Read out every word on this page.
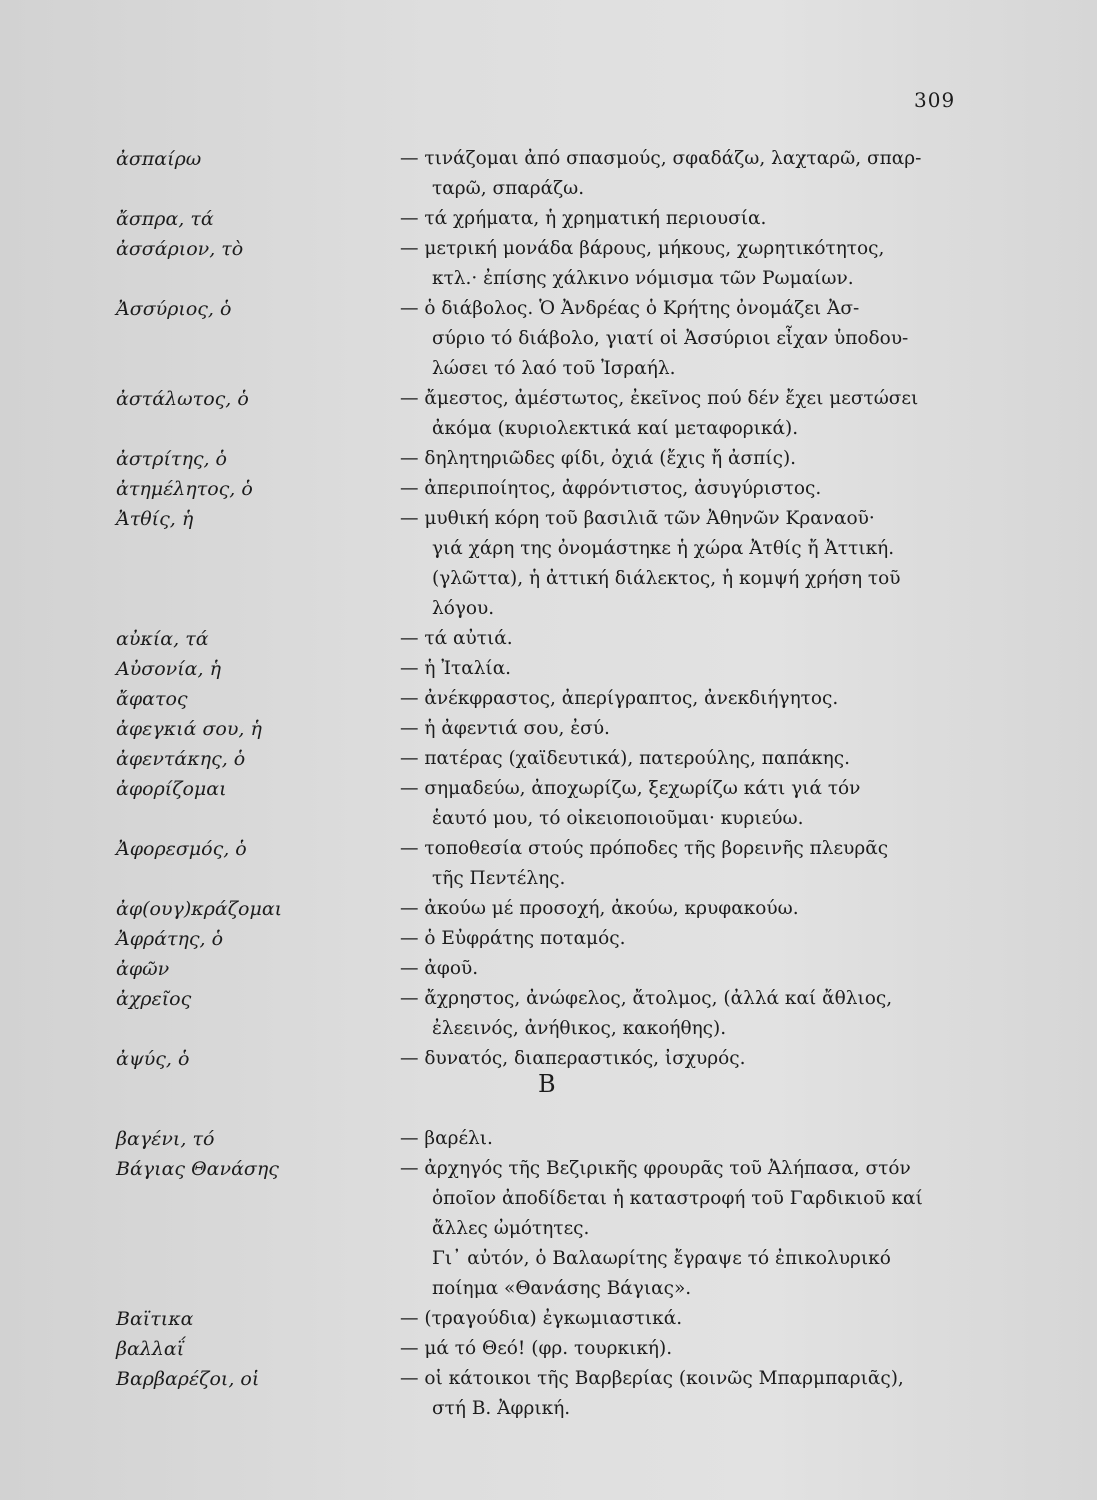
309
B
ἀσπαίρω	— τινάζομαι ἀπό σπασμούς, σφαδάζω, λαχταρῶ, σπαρ-
ταρῶ, σπαράζω.
ἄσπρα, τά	— τά χρήματα, ἡ χρηματική περιουσία.
ἀσσάριον, τὸ	— μετρική μονάδα βάρους, μήκους, χωρητικότητος,
κτλ.· ἐπίσης χάλκινο νόμισμα τῶν Ρωμαίων.
Ἀσσύριος, ὁ	— ὁ διάβολος. Ὁ Ἀνδρέας ὁ Κρήτης ὀνομάζει Ἀσ-
σύριο τό διάβολο, γιατί οἱ Ἀσσύριοι εἶχαν ὑποδου-
λώσει τό λαό τοῦ Ἰσραήλ.
ἀστάλωτος, ὁ	— ἄμεστος, ἀμέστωτος, ἐκεῖνος πού δέν ἔχει μεστώσει
ἀκόμα (κυριολεκτικά καί μεταφορικά).
ἀστρίτης, ὁ	— δηλητηριῶδες φίδι, ὀχιά (ἔχις ἤ ἀσπίς).
ἀτημέλητος, ὁ	— ἀπεριποίητος, ἀφρόντιστος, ἀσυγύριστος.
Ἀτθίς, ἡ	— μυθική κόρη τοῦ βασιλιᾶ τῶν Ἀθηνῶν Κραναοῦ·
γιά χάρη της ὀνομάστηκε ἡ χώρα Ἀτθίς ἤ Ἀττική.
(γλῶττα), ἡ ἀττική διάλεκτος, ἡ κομψή χρήση τοῦ
λόγου.
αὐκία, τά	— τά αὐτιά.
Αὐσονία, ἡ	— ἡ Ἰταλία.
ἄφατος	— ἀνέκφραστος, ἀπερίγραπτος, ἀνεκδιήγητος.
ἀφεγκιά σου, ἡ	— ἡ ἀφεντιά σου, ἐσύ.
ἀφεντάκης, ὁ	— πατέρας (χαϊδευτικά), πατερούλης, παπάκης.
ἀφορίζομαι	— σημαδεύω, ἀποχωρίζω, ξεχωρίζω κάτι γιά τόν
ἑαυτό μου, τό οἰκειοποιοῦμαι· κυριεύω.
Ἀφορεσμός, ὁ	— τοποθεσία στούς πρόποδες τῆς βορεινῆς πλευρᾶς
τῆς Πεντέλης.
ἀφ(ουγ)κράζομαι	— ἀκούω μέ προσοχή, ἀκούω, κρυφακούω.
Ἀφράτης, ὁ	— ὁ Εὐφράτης ποταμός.
ἀφῶν	— ἀφοῦ.
ἀχρεῖος	— ἄχρηστος, ἀνώφελος, ἄτολμος, (ἀλλά καί ἄθλιος,
ἐλεεινός, ἀνήθικος, κακοήθης).
ἀψύς, ὁ	— δυνατός, διαπεραστικός, ἰσχυρός.
βαγένι, τό	— βαρέλι.
Βάγιας Θανάσης	— ἀρχηγός τῆς Βεζιρικῆς φρουρᾶς τοῦ Ἀλήπασα, στόν
ὁποῖον ἀποδίδεται ἡ καταστροφή τοῦ Γαρδικιοῦ καί
ἄλλες ὠμότητες.
Γι᾽ αὐτόν, ὁ Βαλαωρίτης ἔγραψε τό ἐπικολυρικό
ποίημα «Θανάσης Βάγιας».
Βαϊτικα	— (τραγούδια) ἐγκωμιαστικά.
βαλλαΐ	— μά τό Θεό! (φρ. τουρκική).
Βαρβαρέζοι, οἱ	— οἱ κάτοικοι τῆς Βαρβερίας (κοινῶς Μπαρμπαριᾶς),
στή Β. Ἀφρική.
